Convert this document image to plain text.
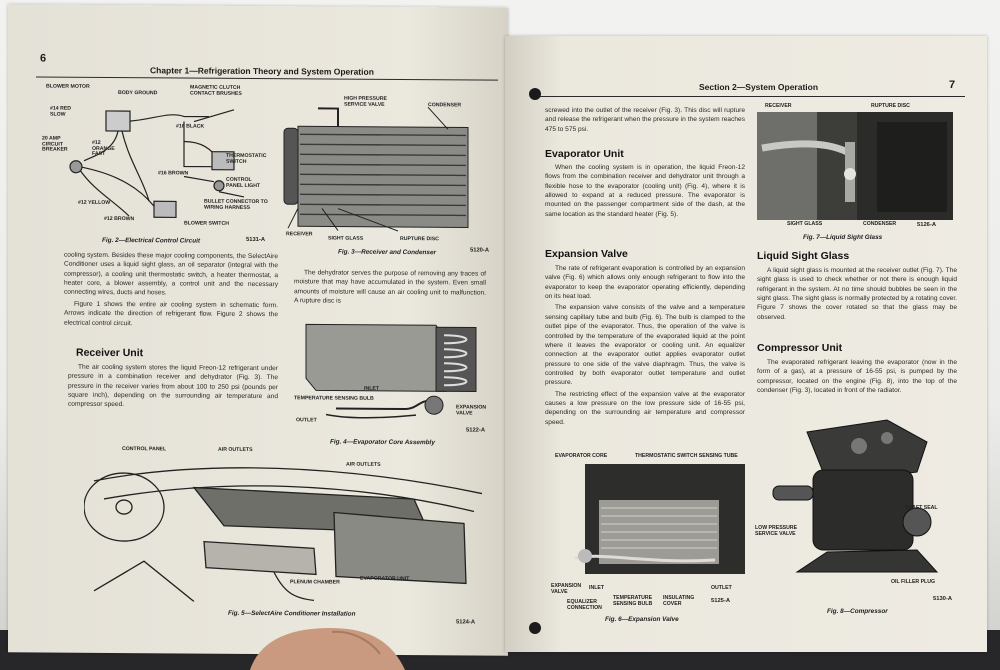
6
Chapter 1—Refrigeration Theory and System Operation
BLOWER MOTOR
BODY GROUND
MAGNETIC CLUTCH CONTACT BRUSHES
#14 RED SLOW
#16 BLACK
20 AMP CIRCUIT BREAKER
#12 ORANGE FAST	THERMOSTATIC SWITCH
#16 BROWN
CONTROL PANEL LIGHT
#12 YELLOW	BULLET CONNECTOR TO WIRING HARNESS
#12 BROWN
BLOWER SWITCH
Fig. 2—Electrical Control Circuit	5131-A
HIGH PRESSURE SERVICE VALVE	CONDENSER
RECEIVER
SIGHT GLASS	RUPTURE DISC
Fig. 3—Receiver and Condenser	5120-A

cooling system. Besides these major cooling components, the SelectAire Conditioner uses a liquid sight glass, an oil separator (integral with the compressor), a cooling unit thermostatic switch, a heater thermostat, a heater core, a blower assembly, a control unit and the necessary connecting wires, ducts and hoses.

Figure 1 shows the entire air cooling system in schematic form. Arrows indicate the direction of refrigerant flow. Figure 2 shows the electrical control circuit.

Receiver Unit
The air cooling system stores the liquid Freon-12 refrigerant under pressure in a combination receiver and dehydrator (Fig. 3). The pressure in the receiver varies from about 100 to 250 psi (pounds per square inch), depending on the surrounding air temperature and compressor speed.
The dehydrator serves the purpose of removing any traces of moisture that may have accumulated in the system. Even small amounts of moisture will cause an air cooling unit to malfunction. A rupture disc is
INLET
TEMPERATURE SENSING BULB
OUTLET
EXPANSION VALVE
Fig. 4—Evaporator Core Assembly
5122-A
CONTROL PANEL	AIR OUTLETS
AIR OUTLETS
PLENUM CHAMBER
EVAPORATOR UNIT
Fig. 5—SelectAire Conditioner Installation
5124-A
Section 2—System Operation	7
screwed into the outlet of the receiver (Fig. 3). This disc will rupture and release the refrigerant when the pressure in the system reaches 475 to 575 psi.
Evaporator Unit
When the cooling system is in operation, the liquid Freon-12 flows from the combination receiver and dehydrator unit through a flexible hose to the evaporator (cooling unit) (Fig. 4), where it is allowed to expand at a reduced pressure. The evaporator is mounted on the passenger compartment side of the dash, at the same location as the standard heater (Fig. 5).
Expansion Valve

The rate of refrigerant evaporation is controlled by an expansion valve (Fig. 6) which allows only enough refrigerant to flow into the evaporator to keep the evaporator operating efficiently, depending on its heat load.

The expansion valve consists of the valve and a temperature sensing capillary tube and bulb (Fig. 6). The bulb is clamped to the outlet pipe of the evaporator. Thus, the operation of the valve is controlled by the temperature of the evaporated liquid at the point where it leaves the evaporator or cooling unit. An equalizer connection at the evaporator outlet applies evaporator outlet pressure to one side of the valve diaphragm. Thus, the valve is controlled by both evaporator outlet temperature and outlet pressure.

The restricting effect of the expansion valve at the evaporator causes a low pressure on the low pressure side of 16-55 psi, depending on the surrounding air temperature and compressor speed.

RECEIVER	RUPTURE DISC
SIGHT GLASS	CONDENSER	5126-A
Fig. 7—Liquid Sight Glass
Liquid Sight Glass
A liquid sight glass is mounted at the receiver outlet (Fig. 7). The sight glass is used to check whether or not there is enough liquid refrigerant in the system. At no time should bubbles be seen in the sight glass. The sight glass is normally protected by a rotating cover. Figure 7 shows the cover rotated so that the glass may be observed.
Compressor Unit
The evaporated refrigerant leaving the evaporator (now in the form of a gas), at a pressure of 16-55 psi, is pumped by the compressor, located on the engine (Fig. 8), into the top of the condenser (Fig. 3), located in front of the radiator.
EVAPORATOR CORE	THERMOSTATIC SWITCH SENSING TUBE
EXPANSION VALVE
INLET
EQUALIZER CONNECTION
TEMPERATURE SENSING BULB
INSULATING COVER
OUTLET
5125-A
Fig. 6—Expansion Valve
SHAFT SEAL
LOW PRESSURE SERVICE VALVE
OIL FILLER PLUG
5130-A
Fig. 8—Compressor
